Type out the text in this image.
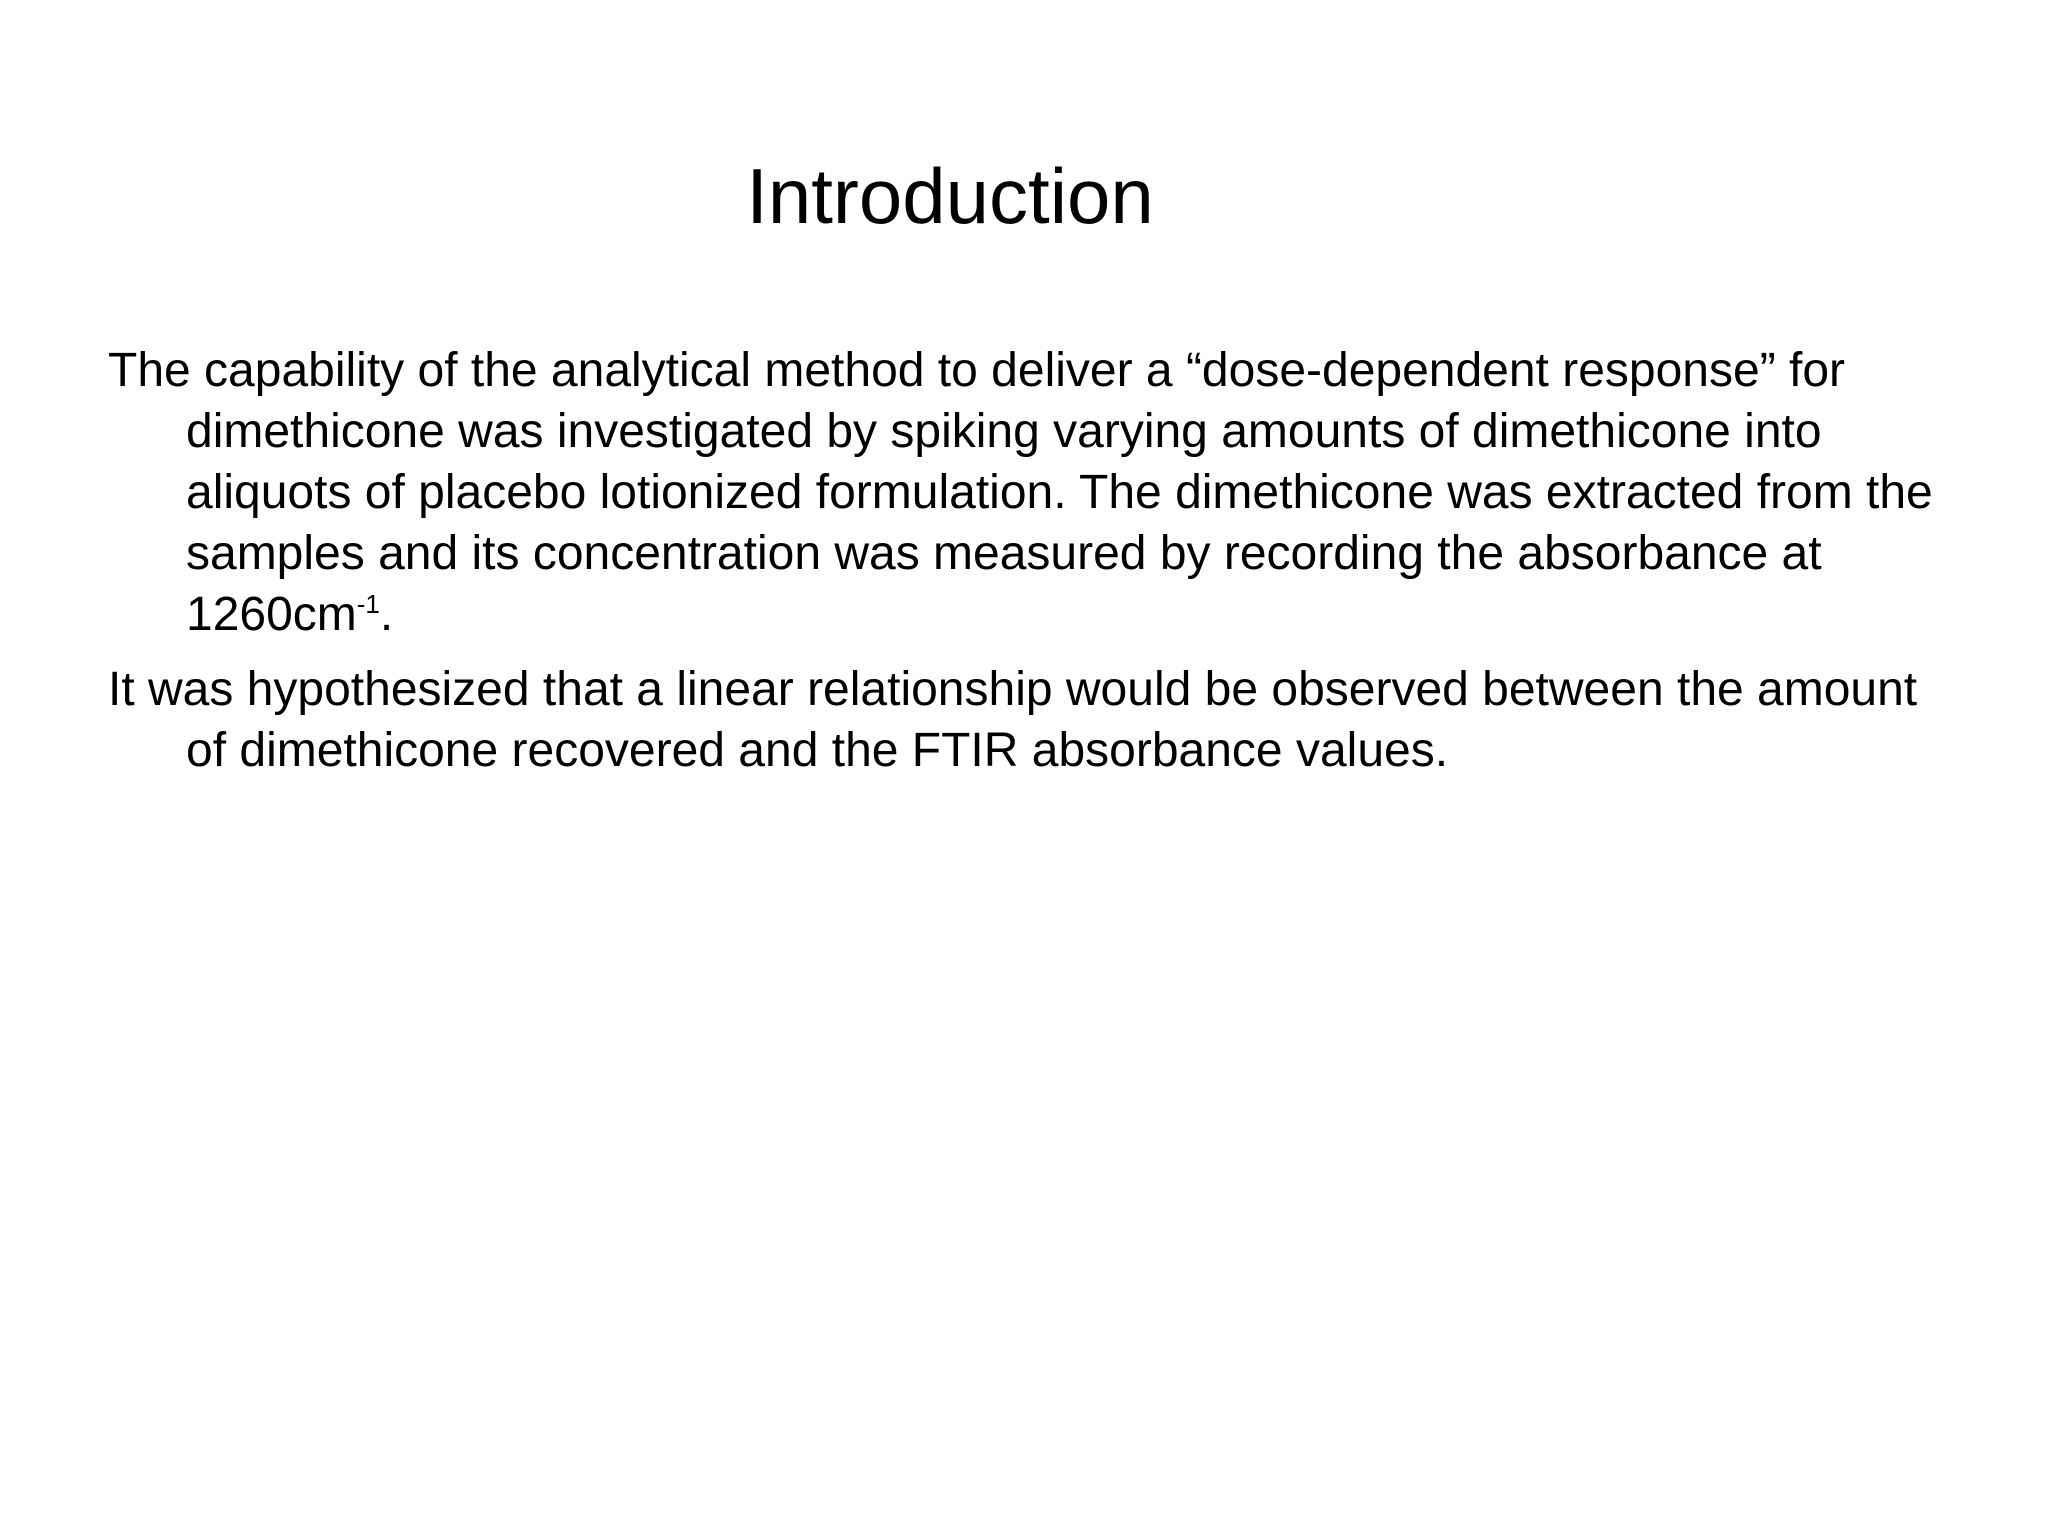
Introduction

The capability of the analytical method to deliver a “dose-dependent response” for dimethicone was investigated by spiking varying amounts of dimethicone into aliquots of placebo lotionized formulation. The dimethicone was extracted from the samples and its concentration was measured by recording the absorbance at $1260cm^{-1}$.

It was hypothesized that a linear relationship would be observed between the amount of dimethicone recovered and the FTIR absorbance values.
